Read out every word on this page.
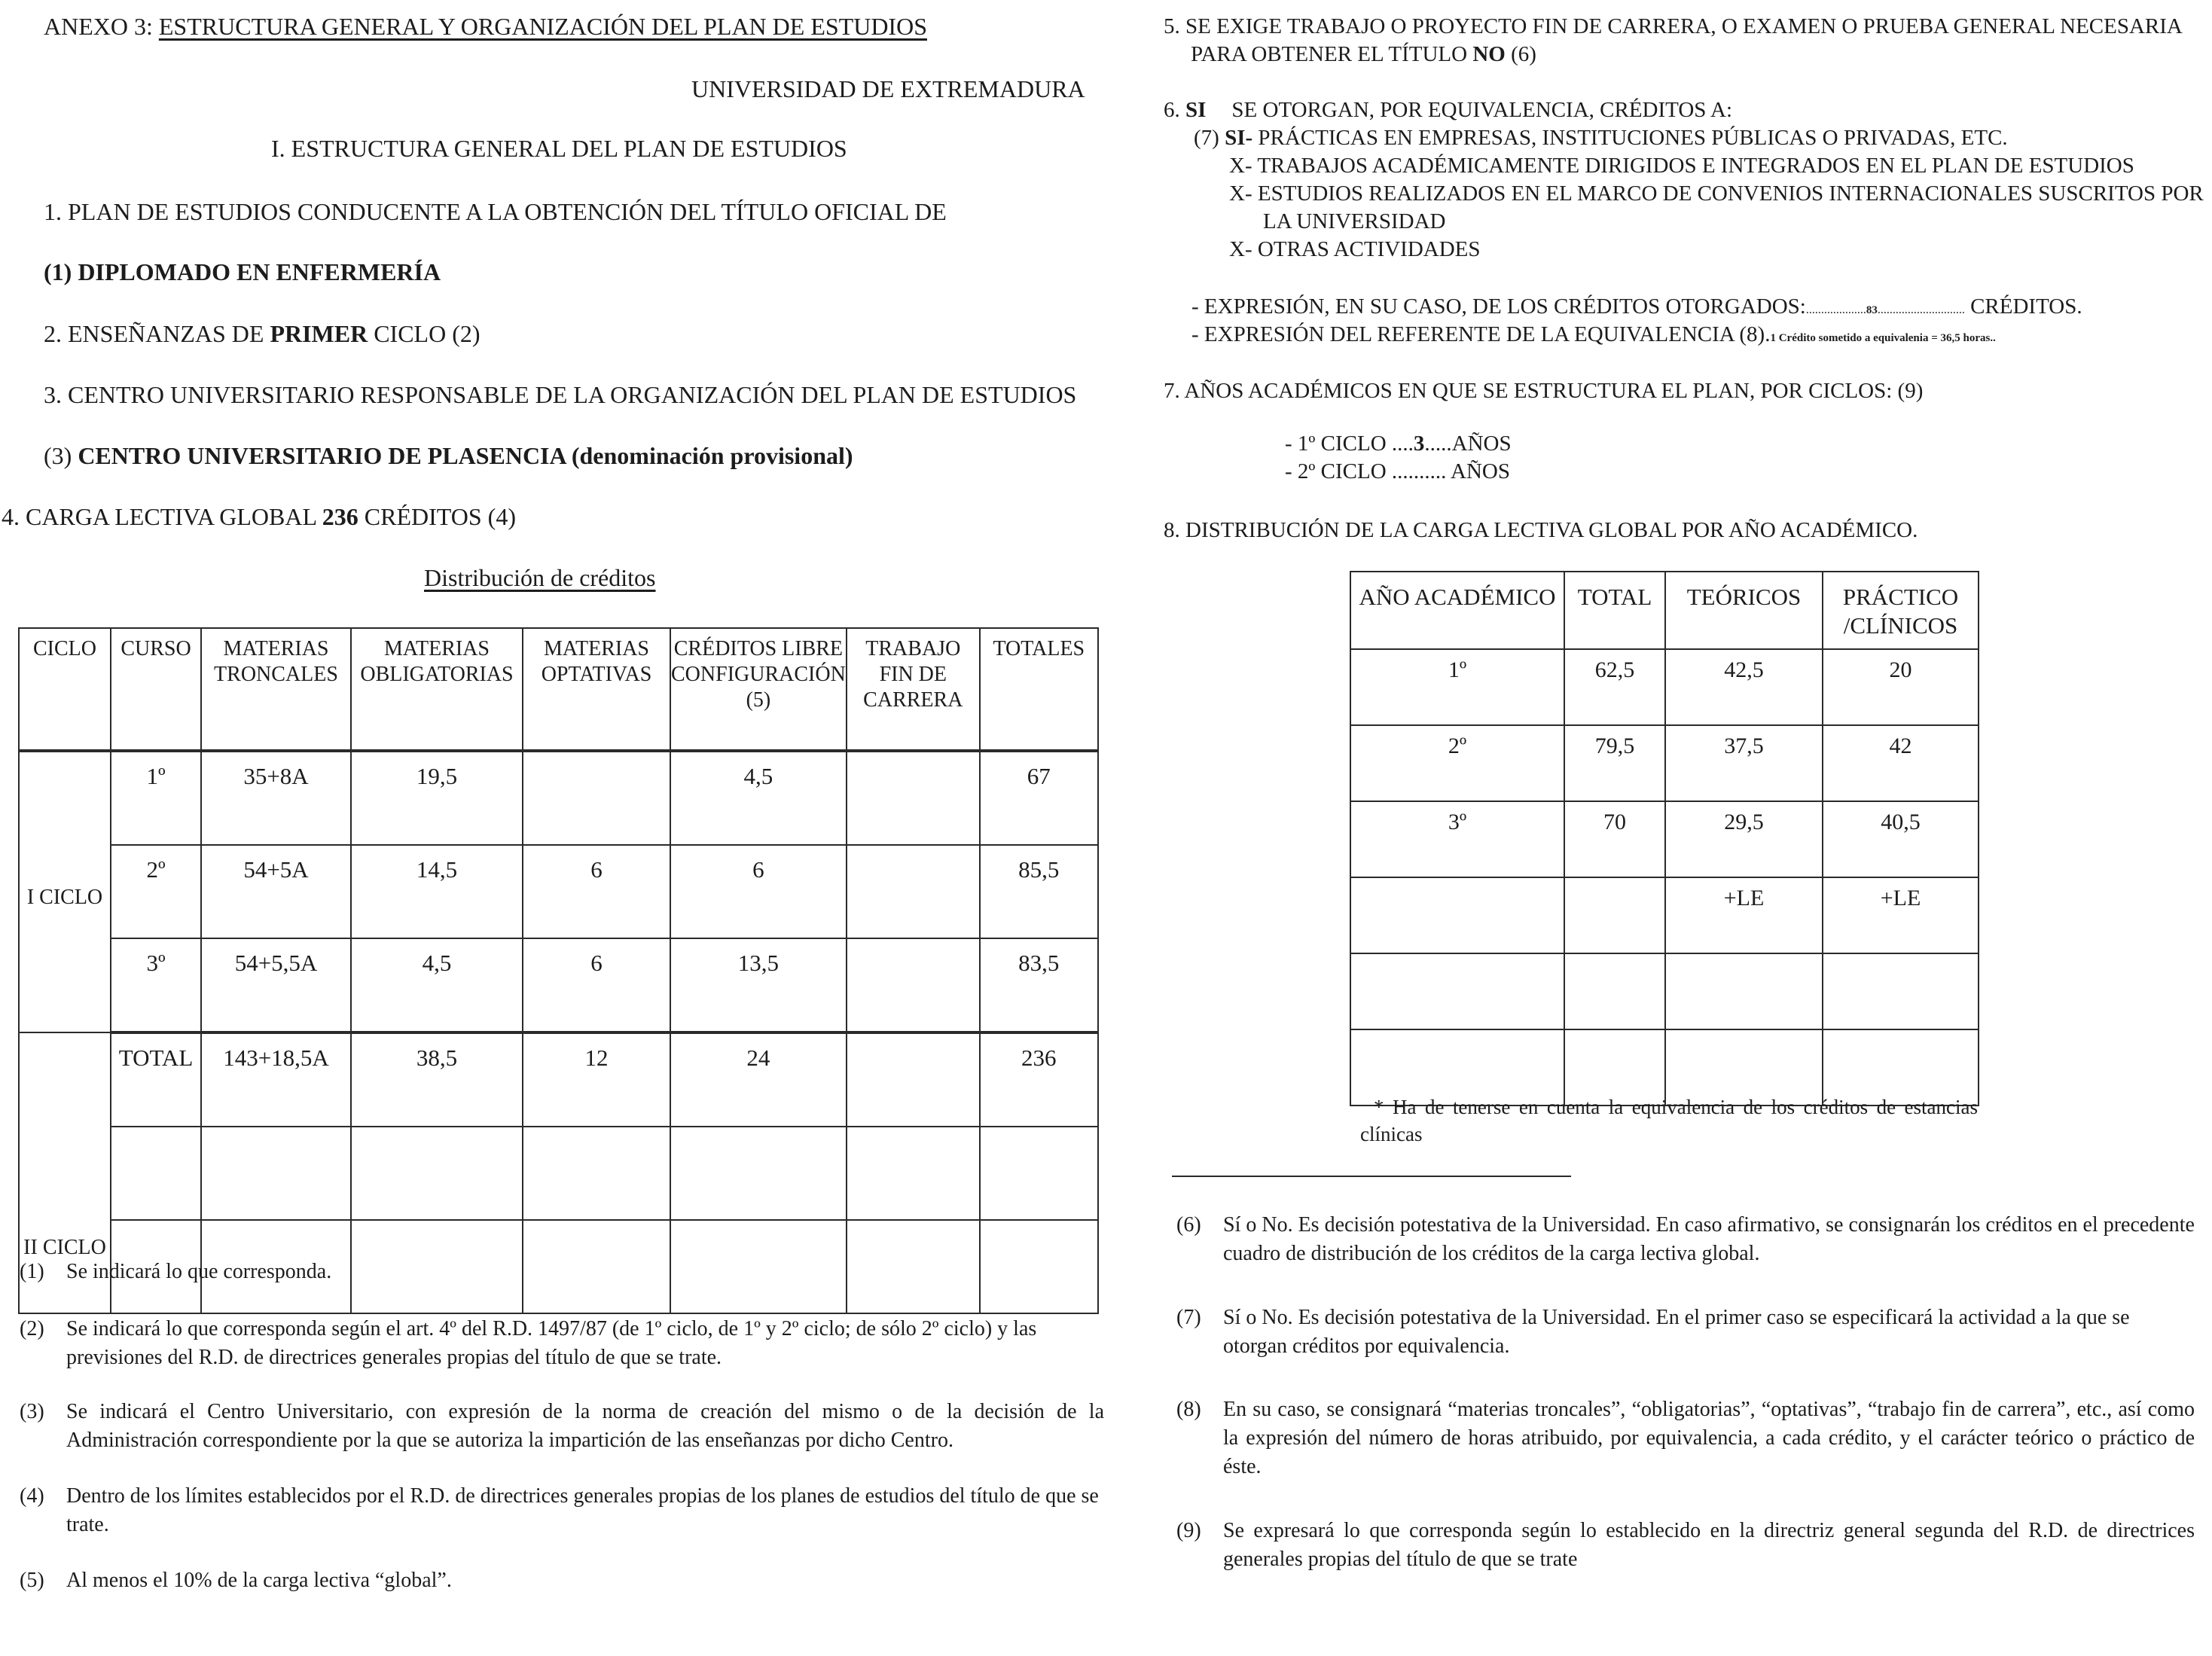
ANEXO 3: ESTRUCTURA GENERAL Y ORGANIZACIÓN DEL PLAN DE ESTUDIOS
UNIVERSIDAD DE EXTREMADURA
I. ESTRUCTURA GENERAL DEL PLAN DE ESTUDIOS
1. PLAN DE ESTUDIOS CONDUCENTE A LA OBTENCIÓN DEL TÍTULO OFICIAL DE
(1) DIPLOMADO EN ENFERMERÍA
2. ENSEÑANZAS DE PRIMER CICLO (2)
3. CENTRO UNIVERSITARIO RESPONSABLE DE LA ORGANIZACIÓN DEL PLAN DE ESTUDIOS
(3) CENTRO UNIVERSITARIO DE PLASENCIA (denominación provisional)
4. CARGA LECTIVA GLOBAL 236 CRÉDITOS (4)
Distribución de créditos
CICLO	CURSO	MATERIAS TRONCALES	MATERIAS OBLIGATORIAS	MATERIAS OPTATIVAS	CRÉDITOS LIBRE CONFIGURACIÓN (5)	TRABAJO FIN DE CARRERA	TOTALES
I CICLO	1º	35+8A	19,5		4,5		67
	2º	54+5A	14,5	6	6		85,5
	3º	54+5,5A	4,5	6	13,5		83,5
II CICLO	TOTAL	143+18,5A	38,5	12	24		236

(1) Se indicará lo que corresponda.
(2) Se indicará lo que corresponda según el art. 4º del R.D. 1497/87 (de 1º ciclo, de 1º y 2º ciclo; de sólo 2º ciclo) y las previsiones del R.D. de directrices generales propias del título de que se trate.
(3) Se indicará el Centro Universitario, con expresión de la norma de creación del mismo o de la decisión de la Administración correspondiente por la que se autoriza la impartición de las enseñanzas por dicho Centro.
(4) Dentro de los límites establecidos por el R.D. de directrices generales propias de los planes de estudios del título de que se trate.
(5) Al menos el 10% de la carga lectiva “global”.
5. SE EXIGE TRABAJO O PROYECTO FIN DE CARRERA, O EXAMEN O PRUEBA GENERAL NECESARIA
PARA OBTENER EL TÍTULO NO (6)
6. SI SE OTORGAN, POR EQUIVALENCIA, CRÉDITOS A:
(7) SI- PRÁCTICAS EN EMPRESAS, INSTITUCIONES PÚBLICAS O PRIVADAS, ETC.
X- TRABAJOS ACADÉMICAMENTE DIRIGIDOS E INTEGRADOS EN EL PLAN DE ESTUDIOS
X- ESTUDIOS REALIZADOS EN EL MARCO DE CONVENIOS INTERNACIONALES SUSCRITOS POR
LA UNIVERSIDAD
X- OTRAS ACTIVIDADES
- EXPRESIÓN, EN SU CASO, DE LOS CRÉDITOS OTORGADOS:....................83............................. CRÉDITOS.
- EXPRESIÓN DEL REFERENTE DE LA EQUIVALENCIA (8).1 Crédito sometido a equivalenia = 36,5 horas..
7. AÑOS ACADÉMICOS EN QUE SE ESTRUCTURA EL PLAN, POR CICLOS: (9)
- 1º CICLO ....3.....AÑOS
- 2º CICLO .......... AÑOS
8. DISTRIBUCIÓN DE LA CARGA LECTIVA GLOBAL POR AÑO ACADÉMICO.
AÑO ACADÉMICO	TOTAL	TEÓRICOS	PRÁCTICO /CLÍNICOS
1º	62,5	42,5	20
2º	79,5	37,5	42
3º	70	29,5	40,5
		+LE	+LE

* Ha de tenerse en cuenta la equivalencia de los créditos de estancias clínicas
(6) Sí o No. Es decisión potestativa de la Universidad. En caso afirmativo, se consignarán los créditos en el precedente cuadro de distribución de los créditos de la carga lectiva global.
(7) Sí o No. Es decisión potestativa de la Universidad. En el primer caso se especificará la actividad a la que se otorgan créditos por equivalencia.
(8) En su caso, se consignará “materias troncales”, “obligatorias”, “optativas”, “trabajo fin de carrera”, etc., así como la expresión del número de horas atribuido, por equivalencia, a cada crédito, y el carácter teórico o práctico de éste.
(9) Se expresará lo que corresponda según lo establecido en la directriz general segunda del R.D. de directrices generales propias del título de que se trate
